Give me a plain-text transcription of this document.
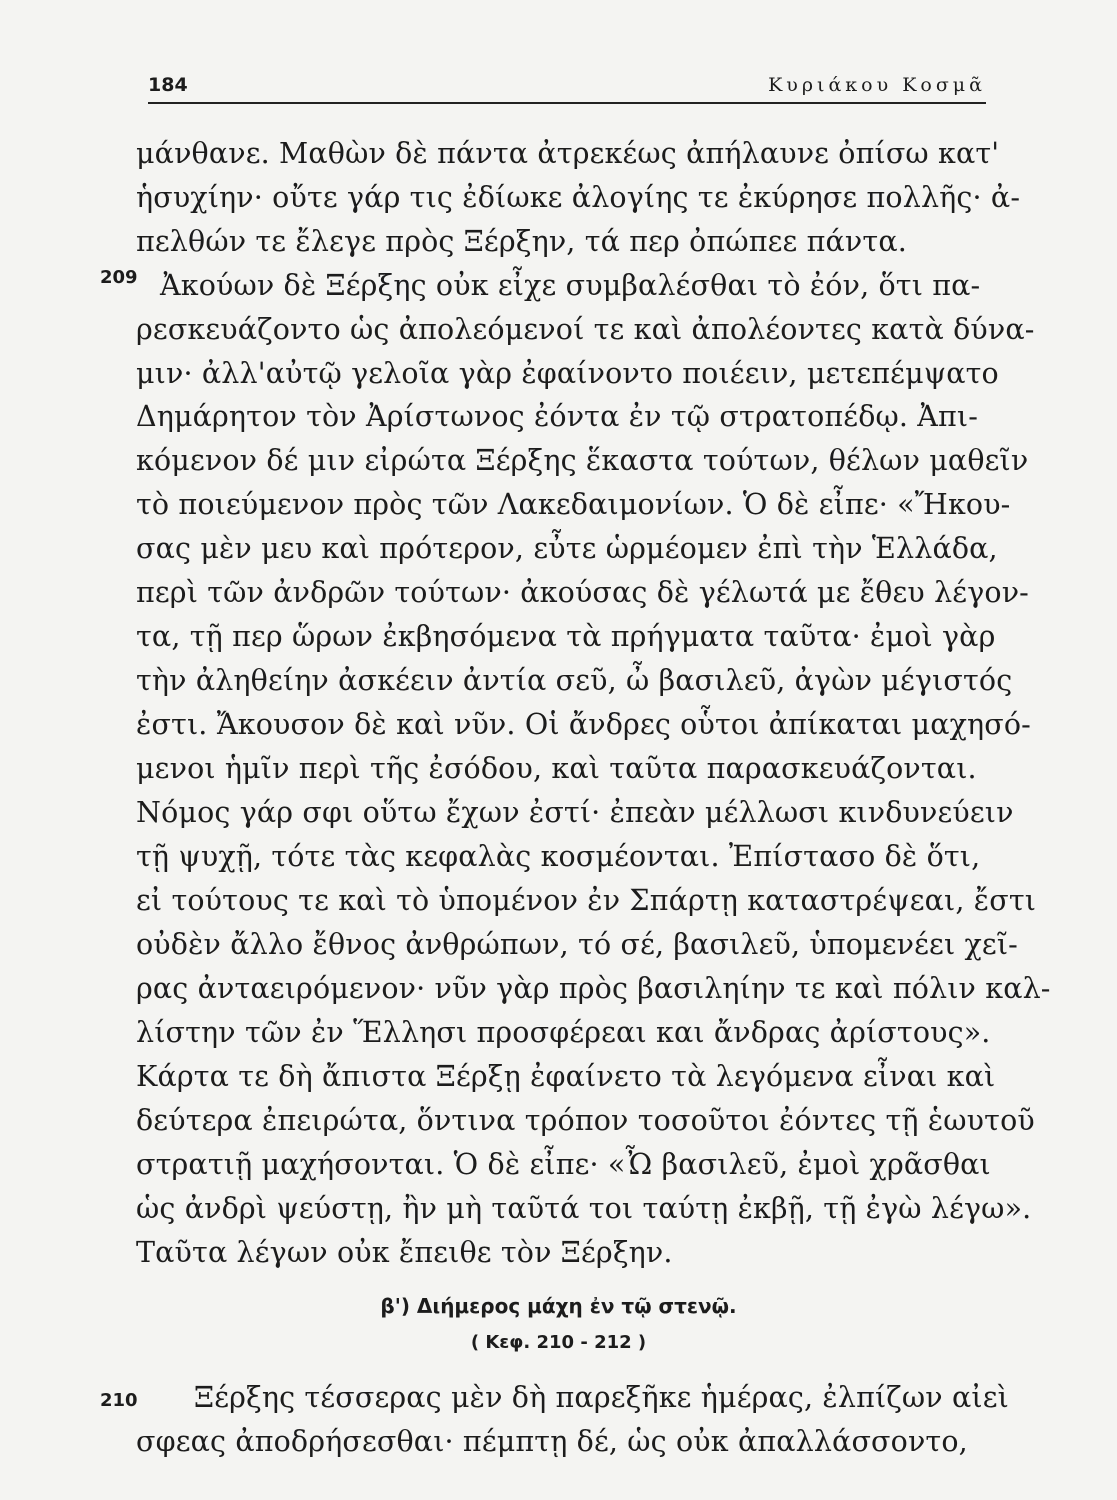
184	Κυριάκου Κοσμᾶ
209
μάνθανε. Μαθὼν δὲ πάντα ἀτρεκέως ἀπήλαυνε ὀπίσω κατ'
ἡσυχίην· οὔτε γάρ τις ἐδίωκε ἀλογίης τε ἐκύρησε πολλῆς· ἀ-
πελθών τε ἔλεγε πρὸς Ξέρξην, τά περ ὀπώπεε πάντα.
Ἀκούων δὲ Ξέρξης οὐκ εἶχε συμβαλέσθαι τὸ ἐόν, ὅτι πα-
ρεσκευάζοντο ὡς ἀπολεόμενοί τε καὶ ἀπολέοντες κατὰ δύνα-
μιν· ἀλλ'αὐτῷ γελοῖα γὰρ ἐφαίνοντο ποιέειν, μετεπέμψατο
Δημάρητον τὸν Ἀρίστωνος ἐόντα ἐν τῷ στρατοπέδῳ. Ἀπι-
κόμενον δέ μιν εἰρώτα Ξέρξης ἕκαστα τούτων, θέλων μαθεῖν
τὸ ποιεύμενον πρὸς τῶν Λακεδαιμονίων. Ὁ δὲ εἶπε· «Ἤκου-
σας μὲν μευ καὶ πρότερον, εὖτε ὡρμέομεν ἐπὶ τὴν Ἑλλάδα,
περὶ τῶν ἀνδρῶν τούτων· ἀκούσας δὲ γέλωτά με ἔθευ λέγον-
τα, τῇ περ ὥρων ἐκβησόμενα τὰ πρήγματα ταῦτα· ἐμοὶ γὰρ
τὴν ἀληθείην ἀσκέειν ἀντία σεῦ, ὦ βασιλεῦ, ἀγὼν μέγιστός
ἐστι. Ἄκουσον δὲ καὶ νῦν. Οἱ ἄνδρες οὗτοι ἀπίκαται μαχησό-
μενοι ἡμῖν περὶ τῆς ἐσόδου, καὶ ταῦτα παρασκευάζονται.
Νόμος γάρ σφι οὕτω ἔχων ἐστί· ἐπεὰν μέλλωσι κινδυνεύειν
τῇ ψυχῇ, τότε τὰς κεφαλὰς κοσμέονται. Ἐπίστασο δὲ ὅτι,
εἰ τούτους τε καὶ τὸ ὑπομένον ἐν Σπάρτῃ καταστρέψεαι, ἔστι
οὐδὲν ἄλλο ἔθνος ἀνθρώπων, τό σέ, βασιλεῦ, ὑπομενέει χεῖ-
ρας ἀνταειρόμενον· νῦν γὰρ πρὸς βασιληίην τε καὶ πόλιν καλ-
λίστην τῶν ἐν Ἕλλησι προσφέρεαι και ἄνδρας ἀρίστους».
Κάρτα τε δὴ ἄπιστα Ξέρξῃ ἐφαίνετο τὰ λεγόμενα εἶναι καὶ
δεύτερα ἐπειρώτα, ὅντινα τρόπον τοσοῦτοι ἐόντες τῇ ἑωυτοῦ
στρατιῇ μαχήσονται. Ὁ δὲ εἶπε· «Ὦ βασιλεῦ, ἐμοὶ χρᾶσθαι
ὡς ἀνδρὶ ψεύστῃ, ἢν μὴ ταῦτά τοι ταύτῃ ἐκβῇ, τῇ ἐγὼ λέγω».
Ταῦτα λέγων οὐκ ἔπειθε τὸν Ξέρξην.
β') Διήμερος μάχη ἐν τῷ στενῷ.
( Κεφ. 210 - 212 )
210 Ξέρξης τέσσερας μὲν δὴ παρεξῆκε ἡμέρας, ἐλπίζων αἰεὶ
σφεας ἀποδρήσεσθαι· πέμπτῃ δέ, ὡς οὐκ ἀπαλλάσσοντο,
